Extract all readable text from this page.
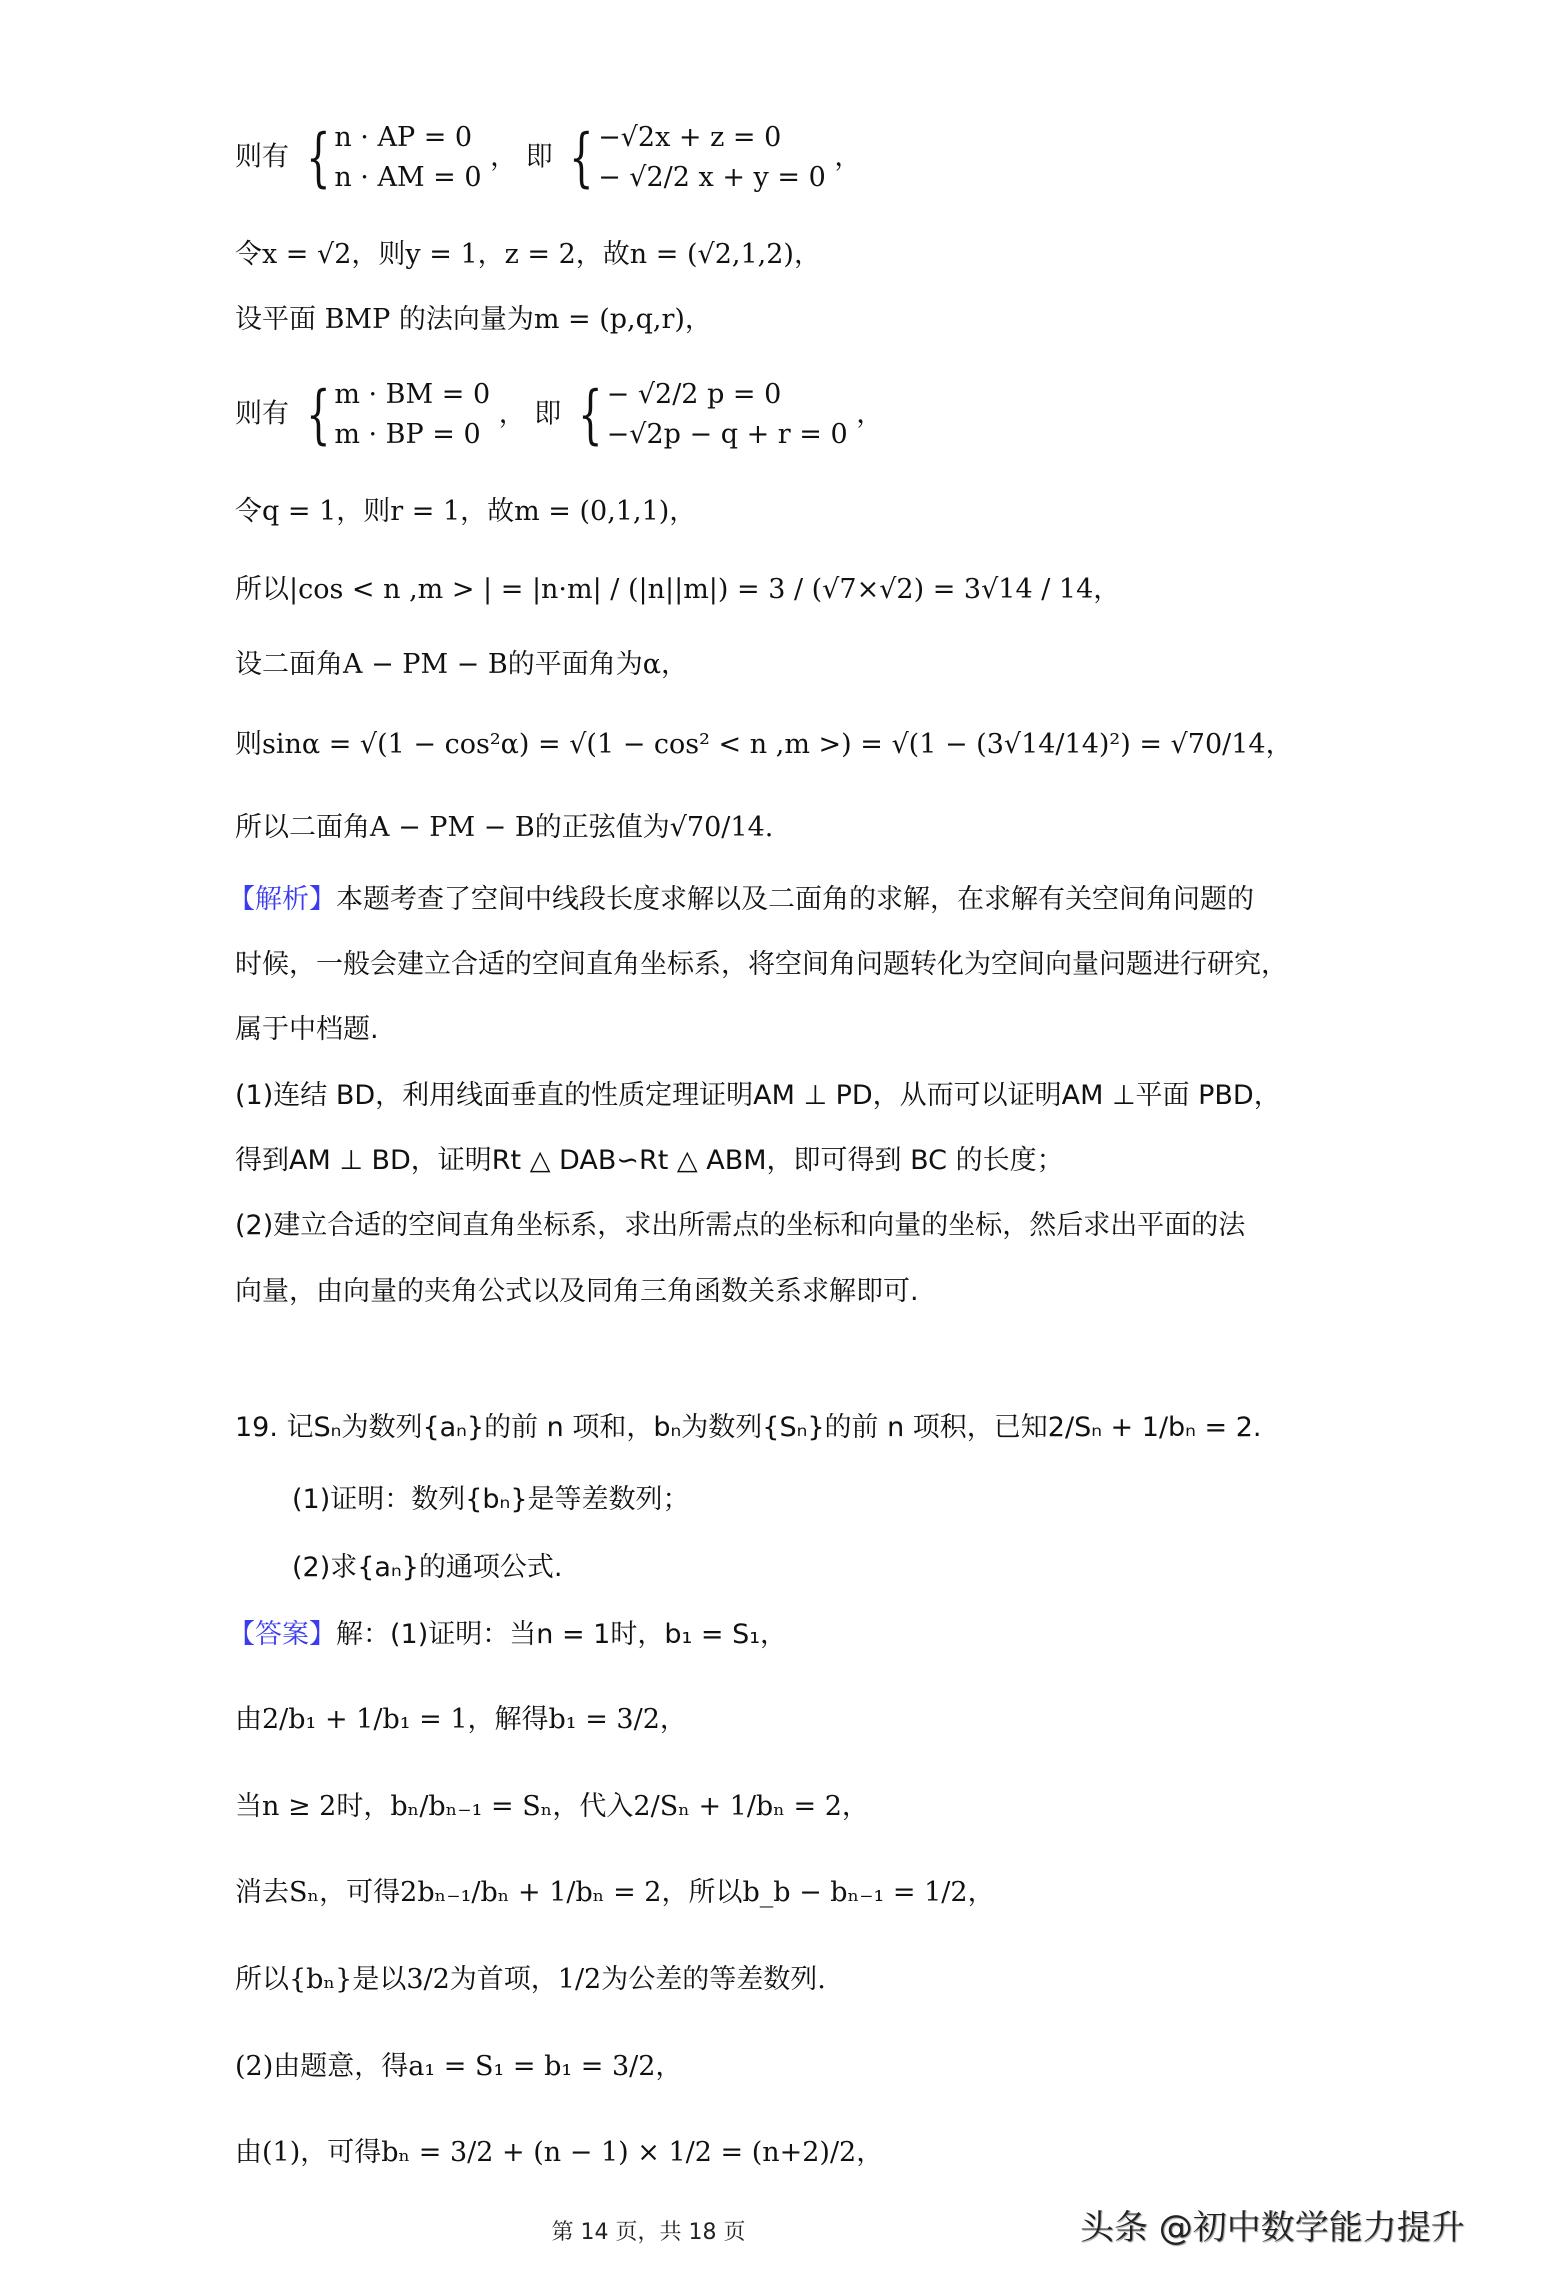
则有 { n · AP = 0
n · AM = 0
， 即 { −√2x + z = 0
− √2/2 x + y = 0
，
令x = √2，则y = 1，z = 2，故n = (√2,1,2)，
设平面 BMP 的法向量为m = (p,q,r)，
则有 { m · BM = 0
m · BP = 0
， 即 { − √2/2 p = 0
−√2p − q + r = 0
，
令q = 1，则r = 1，故m = (0,1,1)，
所以|cos < n ,m > | = |n·m| / (|n||m|) = 3 / (√7×√2) = 3√14 / 14，
设二面角A − PM − B的平面角为α，
则sinα = √(1 − cos²α) = √(1 − cos² < n ,m >) = √(1 − (3√14/14)²) = √70/14，
所以二面角A − PM − B的正弦值为√70/14.
【解析】本题考查了空间中线段长度求解以及二面角的求解，在求解有关空间角问题的
时候，一般会建立合适的空间直角坐标系，将空间角问题转化为空间向量问题进行研究，
属于中档题.
(1)连结 BD，利用线面垂直的性质定理证明AM ⊥ PD，从而可以证明AM ⊥平面 PBD，
得到AM ⊥ BD，证明Rt △ DAB∽Rt △ ABM，即可得到 BC 的长度；
(2)建立合适的空间直角坐标系，求出所需点的坐标和向量的坐标，然后求出平面的法
向量，由向量的夹角公式以及同角三角函数关系求解即可.
19. 记Sₙ为数列{aₙ}的前 n 项和，bₙ为数列{Sₙ}的前 n 项积，已知2/Sₙ + 1/bₙ = 2.
(1)证明：数列{bₙ}是等差数列；
(2)求{aₙ}的通项公式.
【答案】解：(1)证明：当n = 1时，b₁ = S₁，
由2/b₁ + 1/b₁ = 1，解得b₁ = 3/2，
当n ≥ 2时，bₙ/bₙ₋₁ = Sₙ，代入2/Sₙ + 1/bₙ = 2，
消去Sₙ，可得2bₙ₋₁/bₙ + 1/bₙ = 2，所以b_b − bₙ₋₁ = 1/2，
所以{bₙ}是以3/2为首项，1/2为公差的等差数列.
(2)由题意，得a₁ = S₁ = b₁ = 3/2，
由(1)，可得bₙ = 3/2 + (n − 1) × 1/2 = (n+2)/2，
第 14 页，共 18 页	头条 @初中数学能力提升
